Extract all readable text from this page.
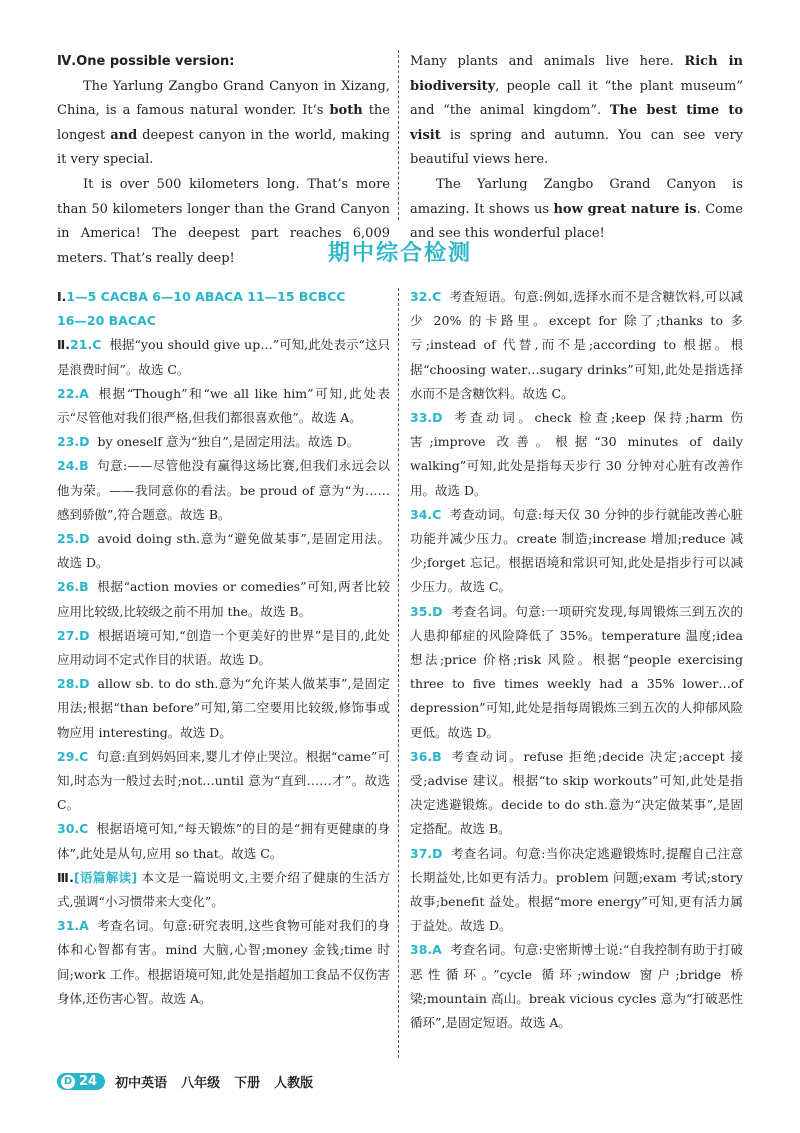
Ⅳ.One possible version:

The Yarlung Zangbo Grand Canyon in Xizang, China, is a famous natural wonder. It’s both the longest and deepest canyon in the world, making it very special.

It is over 500 kilometers long. That’s more than 50 kilometers longer than the Grand Canyon in America! The deepest part reaches 6,009 meters. That’s really deep!

Many plants and animals live here. Rich in biodiversity, people call it “the plant museum” and “the animal kingdom”. The best time to visit is spring and autumn. You can see very beautiful views here.

The Yarlung Zangbo Grand Canyon is amazing. It shows us how great nature is. Come and see this wonderful place!

期中综合检测

Ⅰ.1—5 CACBA 6—10 ABACA 11—15 BCBCC

16—20 BACAC

Ⅱ.21.C 根据“you should give up…”可知,此处表示“这只是浪费时间”。故选 C。

22.A 根据“Though”和“we all like him”可知,此处表示“尽管他对我们很严格,但我们都很喜欢他”。故选 A。

23.D by oneself 意为“独自”,是固定用法。故选 D。

24.B 句意:——尽管他没有赢得这场比赛,但我们永远会以他为荣。——我同意你的看法。be proud of 意为“为……感到骄傲”,符合题意。故选 B。

25.D avoid doing sth.意为“避免做某事”,是固定用法。故选 D。

26.B 根据“action movies or comedies”可知,两者比较应用比较级,比较级之前不用加 the。故选 B。

27.D 根据语境可知,“创造一个更美好的世界”是目的,此处应用动词不定式作目的状语。故选 D。

28.D allow sb. to do sth.意为“允许某人做某事”,是固定用法;根据“than before”可知,第二空要用比较级,修饰事或物应用 interesting。故选 D。

29.C 句意:直到妈妈回来,婴儿才停止哭泣。根据“came”可知,时态为一般过去时;not…until 意为“直到……才”。故选 C。

30.C 根据语境可知,“每天锻炼”的目的是“拥有更健康的身体”,此处是从句,应用 so that。故选 C。

Ⅲ.[语篇解读] 本文是一篇说明文,主要介绍了健康的生活方式,强调“小习惯带来大变化”。

31.A 考查名词。句意:研究表明,这些食物可能对我们的身体和心智都有害。mind 大脑,心智;money 金钱;time 时间;work 工作。根据语境可知,此处是指超加工食品不仅伤害身体,还伤害心智。故选 A。

32.C 考查短语。句意:例如,选择水而不是含糖饮料,可以减少 20% 的卡路里。except for 除了;thanks to 多亏;instead of 代替,而不是;according to 根据。根据“choosing water…sugary drinks”可知,此处是指选择水而不是含糖饮料。故选 C。

33.D 考查动词。check 检查;keep 保持;harm 伤害;improve 改善。根据“30 minutes of daily walking”可知,此处是指每天步行 30 分钟对心脏有改善作用。故选 D。

34.C 考查动词。句意:每天仅 30 分钟的步行就能改善心脏功能并减少压力。create 制造;increase 增加;reduce 减少;forget 忘记。根据语境和常识可知,此处是指步行可以减少压力。故选 C。

35.D 考查名词。句意:一项研究发现,每周锻炼三到五次的人患抑郁症的风险降低了 35%。temperature 温度;idea 想法;price 价格;risk 风险。根据“people exercising three to five times weekly had a 35% lower…of depression”可知,此处是指每周锻炼三到五次的人抑郁风险更低。故选 D。

36.B 考查动词。refuse 拒绝;decide 决定;accept 接受;advise 建议。根据“to skip workouts”可知,此处是指决定逃避锻炼。decide to do sth.意为“决定做某事”,是固定搭配。故选 B。

37.D 考查名词。句意:当你决定逃避锻炼时,提醒自己注意长期益处,比如更有活力。problem 问题;exam 考试;story 故事;benefit 益处。根据“more energy”可知,更有活力属于益处。故选 D。

38.A 考查名词。句意:史密斯博士说:“自我控制有助于打破恶性循环。”cycle 循环;window 窗户;bridge 桥梁;mountain 高山。break vicious cycles 意为“打破恶性循环”,是固定短语。故选 A。

D 24 初中英语 八年级 下册 人教版
